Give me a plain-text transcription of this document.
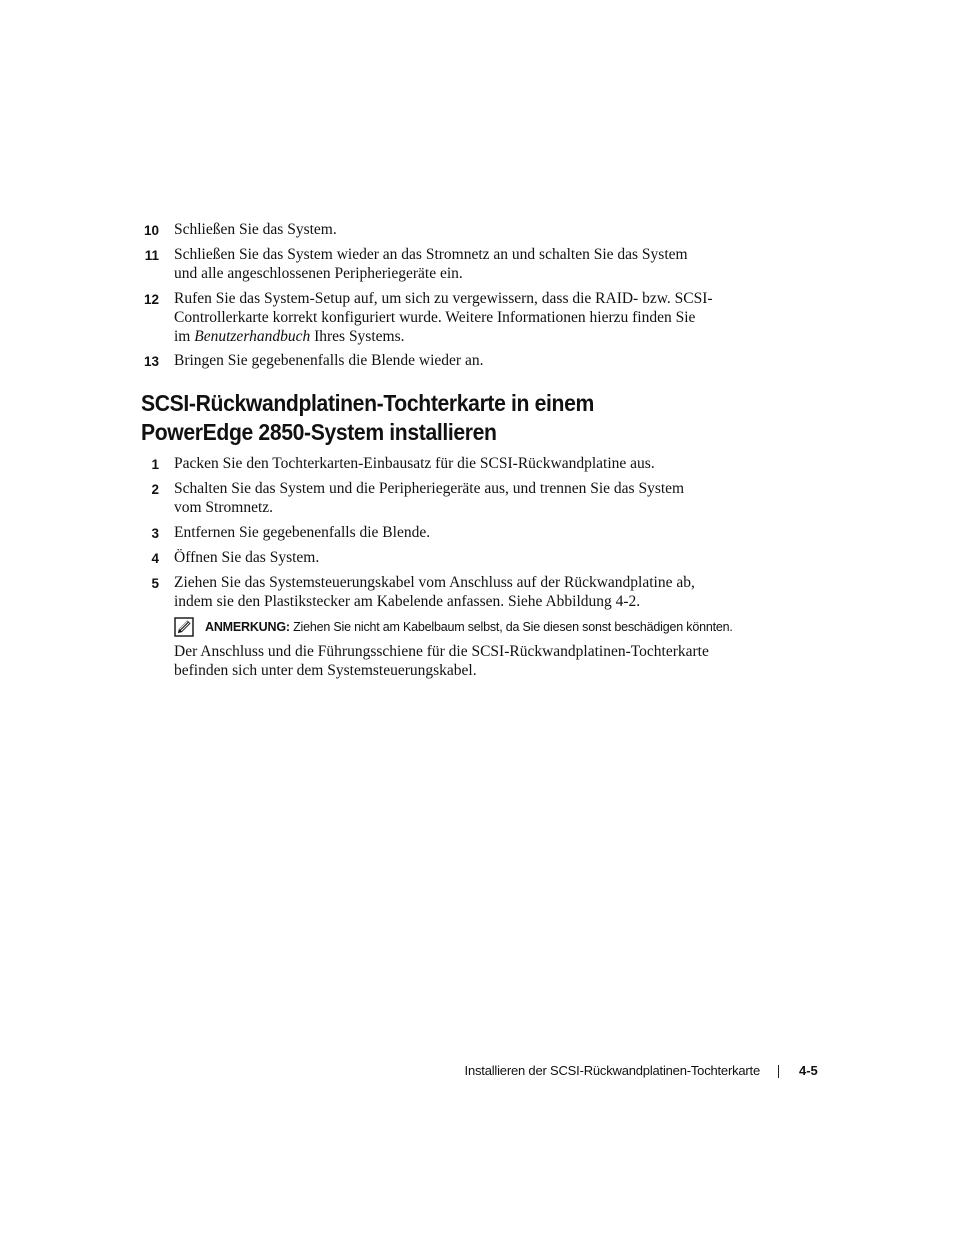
10 Schließen Sie das System.
11 Schließen Sie das System wieder an das Stromnetz an und schalten Sie das System und alle angeschlossenen Peripheriegeräte ein.
12 Rufen Sie das System-Setup auf, um sich zu vergewissern, dass die RAID- bzw. SCSI-Controllerkarte korrekt konfiguriert wurde. Weitere Informationen hierzu finden Sie im Benutzerhandbuch Ihres Systems.
13 Bringen Sie gegebenenfalls die Blende wieder an.
SCSI-Rückwandplatinen-Tochterkarte in einem
PowerEdge 2850-System installieren
1 Packen Sie den Tochterkarten-Einbausatz für die SCSI-Rückwandplatine aus.
2 Schalten Sie das System und die Peripheriegeräte aus, und trennen Sie das System vom Stromnetz.
3 Entfernen Sie gegebenenfalls die Blende.
4 Öffnen Sie das System.
5 Ziehen Sie das Systemsteuerungskabel vom Anschluss auf der Rückwandplatine ab, indem sie den Plastikstecker am Kabelende anfassen. Siehe Abbildung 4-2.
ANMERKUNG: Ziehen Sie nicht am Kabelbaum selbst, da Sie diesen sonst beschädigen könnten.
Der Anschluss und die Führungsschiene für die SCSI-Rückwandplatinen-Tochterkarte befinden sich unter dem Systemsteuerungskabel.
Installieren der SCSI-Rückwandplatinen-Tochterkarte	4-5
